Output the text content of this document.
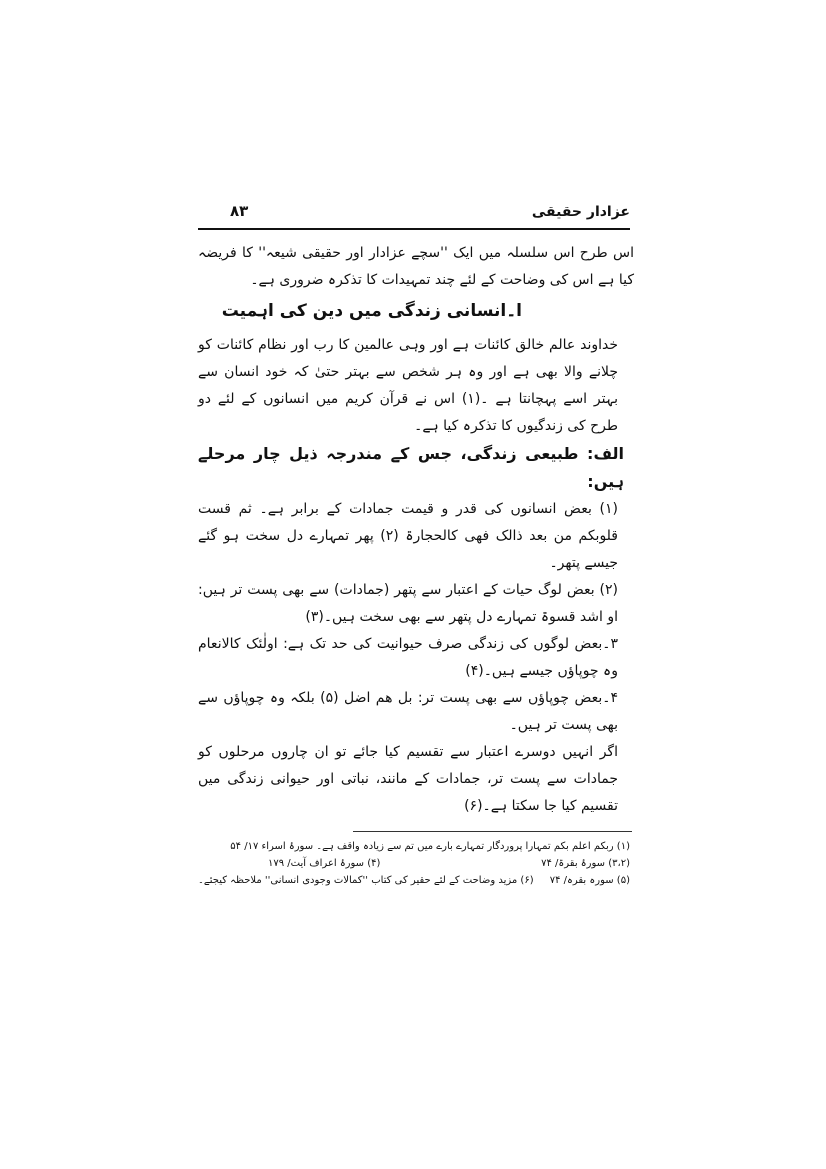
عزادار حقیقی
۸۳

اس طرح اس سلسلہ میں ایک ''سچے عزادار اور حقیقی شیعہ'' کا فریضہ کیا ہے اس کی وضاحت کے لئے چند تمہیدات کا تذکرہ ضروری ہے۔

ا۔انسانی زندگی میں دین کی اہمیت

خداوند عالم خالق کائنات ہے اور وہی عالمین کا رب اور نظام کائنات کو چلانے والا بھی ہے اور وہ ہر شخص سے بہتر حتیٰ کہ خود انسان سے بہتر اسے پہچانتا ہے ۔(۱) اس نے قرآن کریم میں انسانوں کے لئے دو طرح کی زندگیوں کا تذکرہ کیا ہے۔

الف: طبیعی زندگی، جس کے مندرجہ ذیل چار مرحلے ہیں:

(۱) بعض انسانوں کی قدر و قیمت جمادات کے برابر ہے۔ ثم قست قلوبکم من بعد ذالک فھی کالحجارۃ (۲) پھر تمہارے دل سخت ہو گئے جیسے پتھر۔

(۲) بعض لوگ حیات کے اعتبار سے پتھر (جمادات) سے بھی پست تر ہیں: او اشد قسوۃ تمہارے دل پتھر سے بھی سخت ہیں۔(۳)

۳۔بعض لوگوں کی زندگی صرف حیوانیت کی حد تک ہے: اولٰئک کالانعام وہ چوپاؤں جیسے ہیں۔(۴)

۴۔بعض چوپاؤں سے بھی پست تر: بل ھم اضل (۵) بلکہ وہ چوپاؤں سے بھی پست تر ہیں۔

اگر انہیں دوسرے اعتبار سے تقسیم کیا جائے تو ان چاروں مرحلوں کو جمادات سے پست تر، جمادات کے مانند، نباتی اور حیوانی زندگی میں تقسیم کیا جا سکتا ہے۔(۶)

(۱) ربکم اعلم بکم تمہارا پروردگار تمہارے بارے میں تم سے زیادہ واقف ہے۔ سورۂ اسراء ۱۷/ ۵۴
(۳،۲) سورۂ بقرۃ/ ۷۴
(۴) سورۂ اعراف آیت/ ۱۷۹
(۵) سورہ بقرہ/ ۷۴
(۶) مزید وضاحت کے لئے حقیر کی کتاب ''کمالات وجودی انسانی'' ملاحظہ کیجئے۔
